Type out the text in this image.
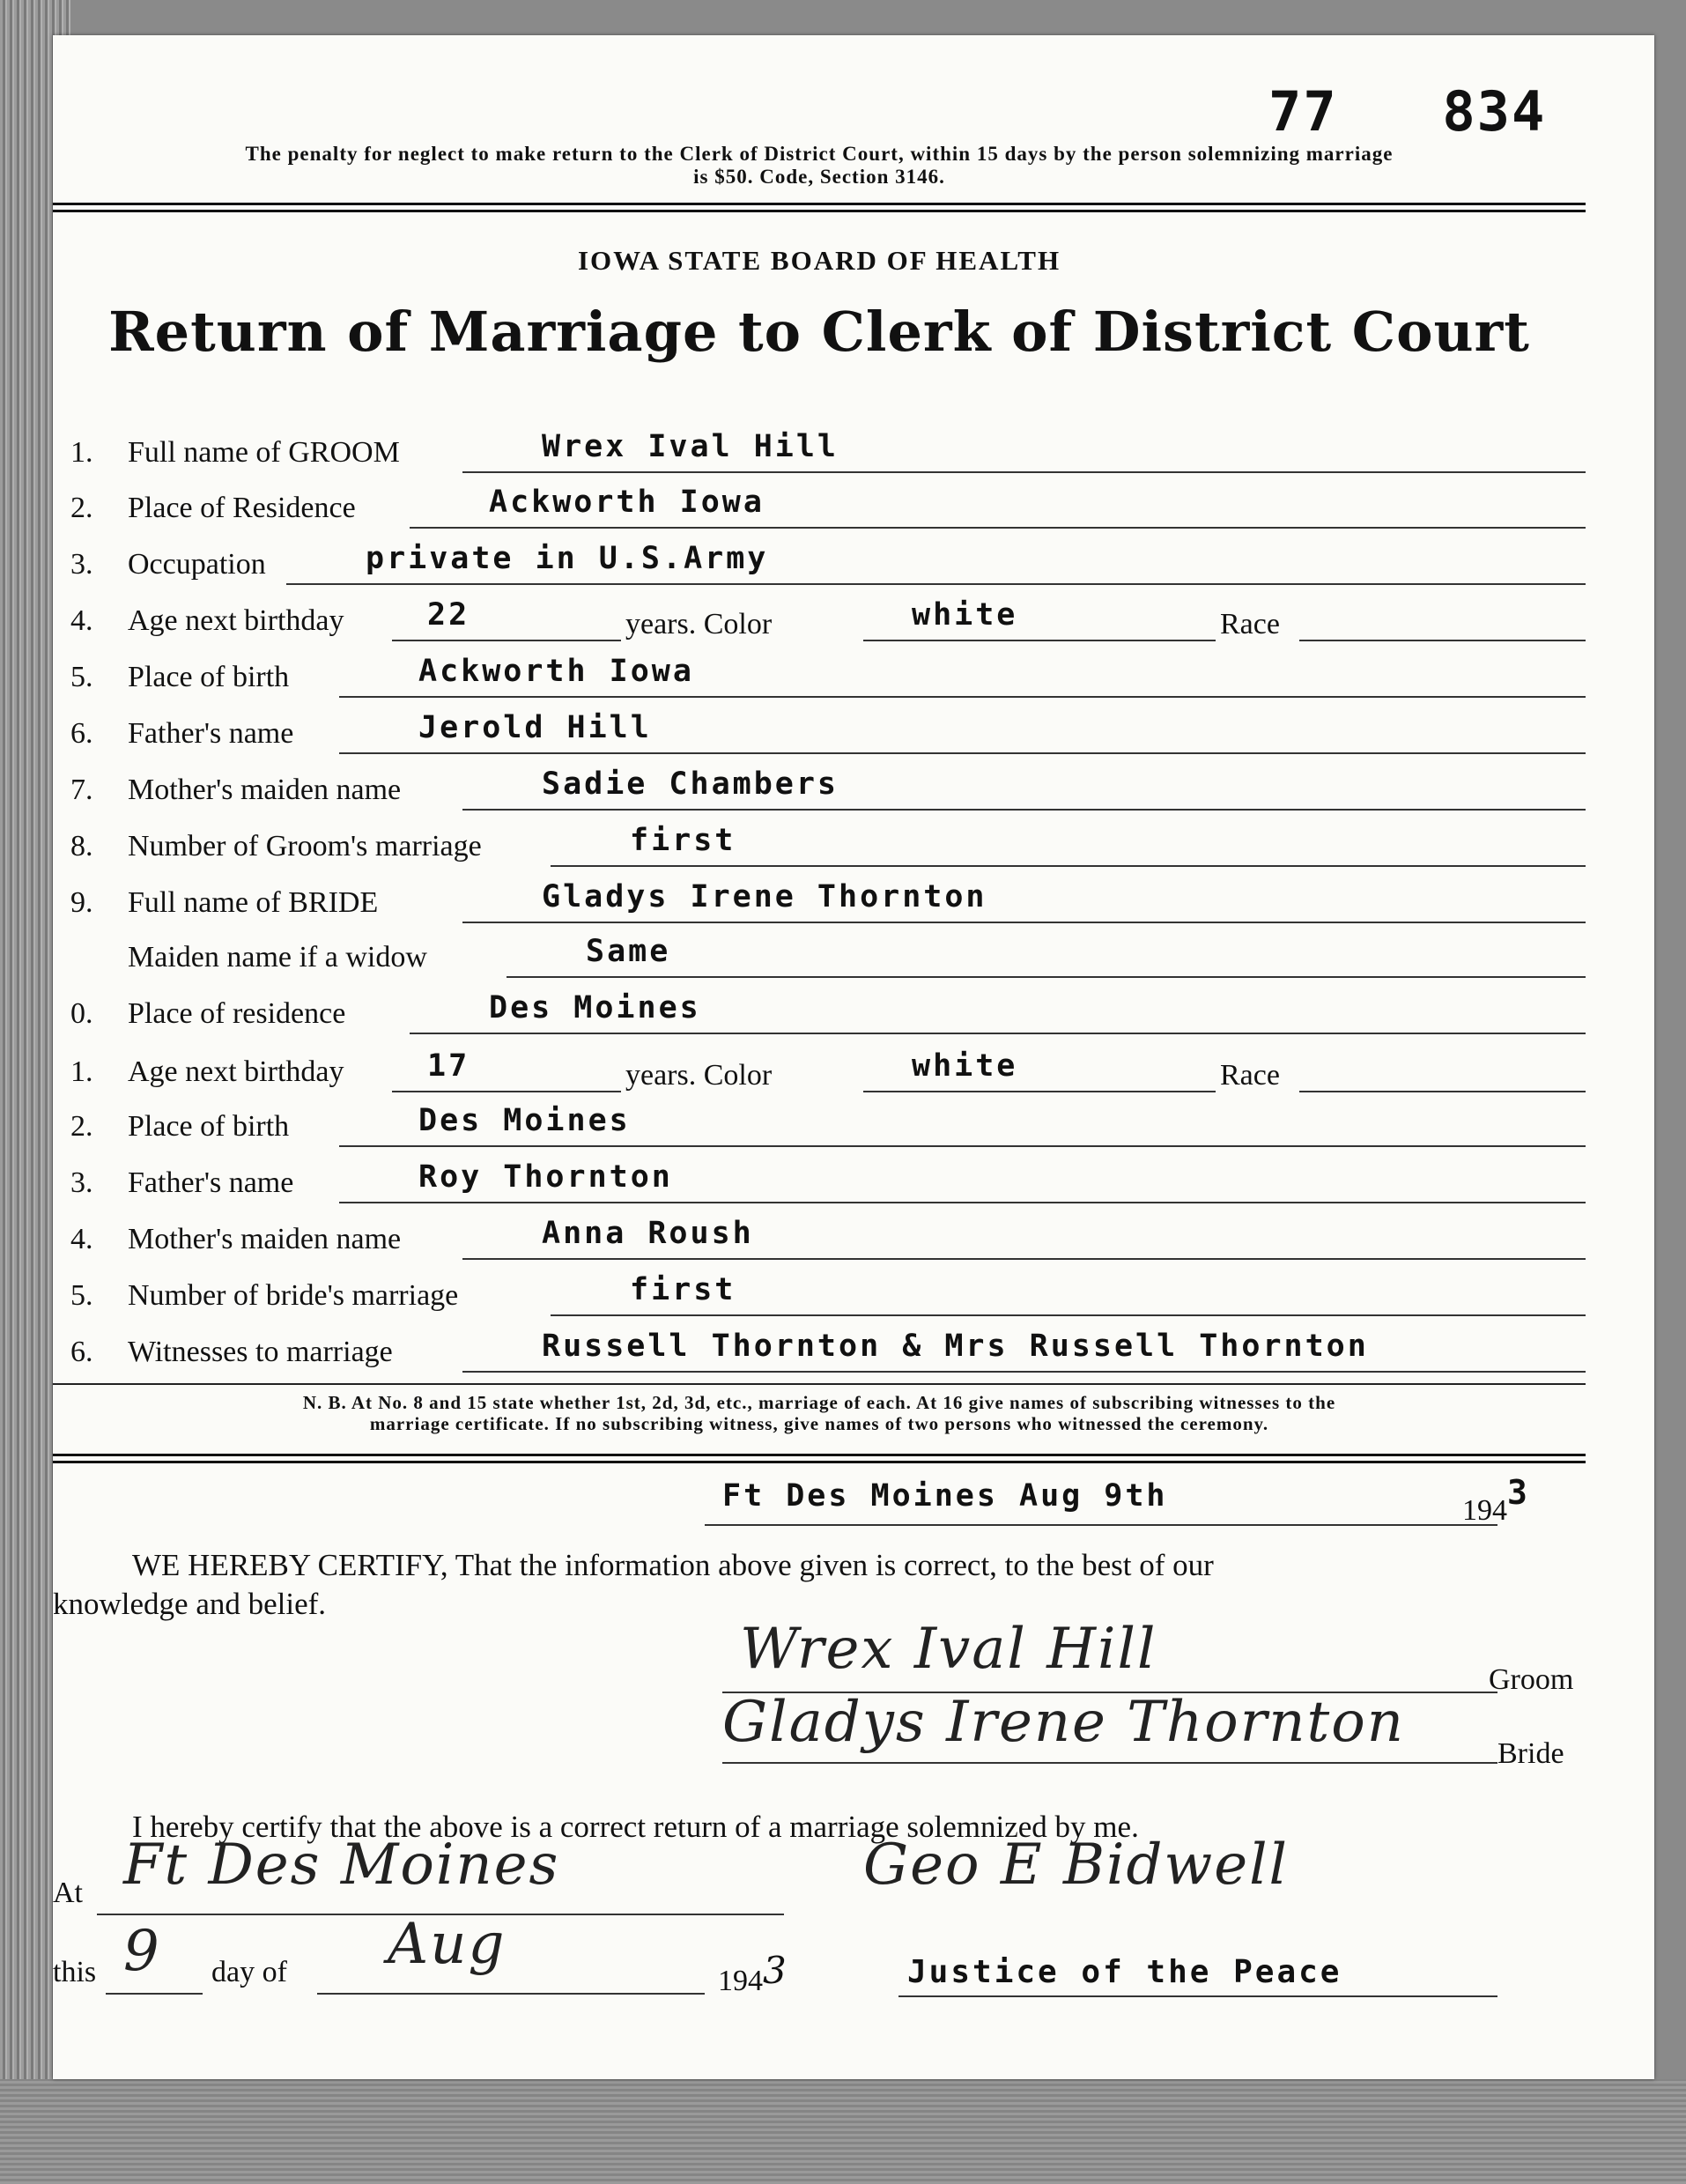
77 834
The penalty for neglect to make return to the Clerk of District Court, within 15 days by the person solemnizing marriage
is $50. Code, Section 3146.
IOWA STATE BOARD OF HEALTH
Return of Marriage to Clerk of District Court
1. Full name of GROOM	Wrex Ival Hill
2. Place of Residence	Ackworth Iowa
3. Occupation	private in U.S.Army
4. Age next birthday	22	years. Color	white	Race
5. Place of birth	Ackworth Iowa
6. Father's name	Jerold Hill
7. Mother's maiden name	Sadie Chambers
8. Number of Groom's marriage	first
9. Full name of BRIDE	Gladys Irene Thornton
Maiden name if a widow	Same
0. Place of residence	Des Moines
1. Age next birthday	17	years. Color	white	Race
2. Place of birth	Des Moines
3. Father's name	Roy Thornton
4. Mother's maiden name	Anna Roush
5. Number of bride's marriage	first
6. Witnesses to marriage	Russell Thornton & Mrs Russell Thornton
N. B. At No. 8 and 15 state whether 1st, 2d, 3d, etc., marriage of each. At 16 give names of subscribing witnesses to the
marriage certificate. If no subscribing witness, give names of two persons who witnessed the ceremony.
Ft Des Moines Aug 9th	1943
WE HEREBY CERTIFY, That the information above given is correct, to the best of our
knowledge and belief.
Wrex Ival Hill	Groom
Gladys Irene Thornton	Bride
I hereby certify that the above is a correct return of a marriage solemnized by me.
At Ft Des Moines	Geo E Bidwell
this 9 day of Aug
1943	Justice of the Peace
